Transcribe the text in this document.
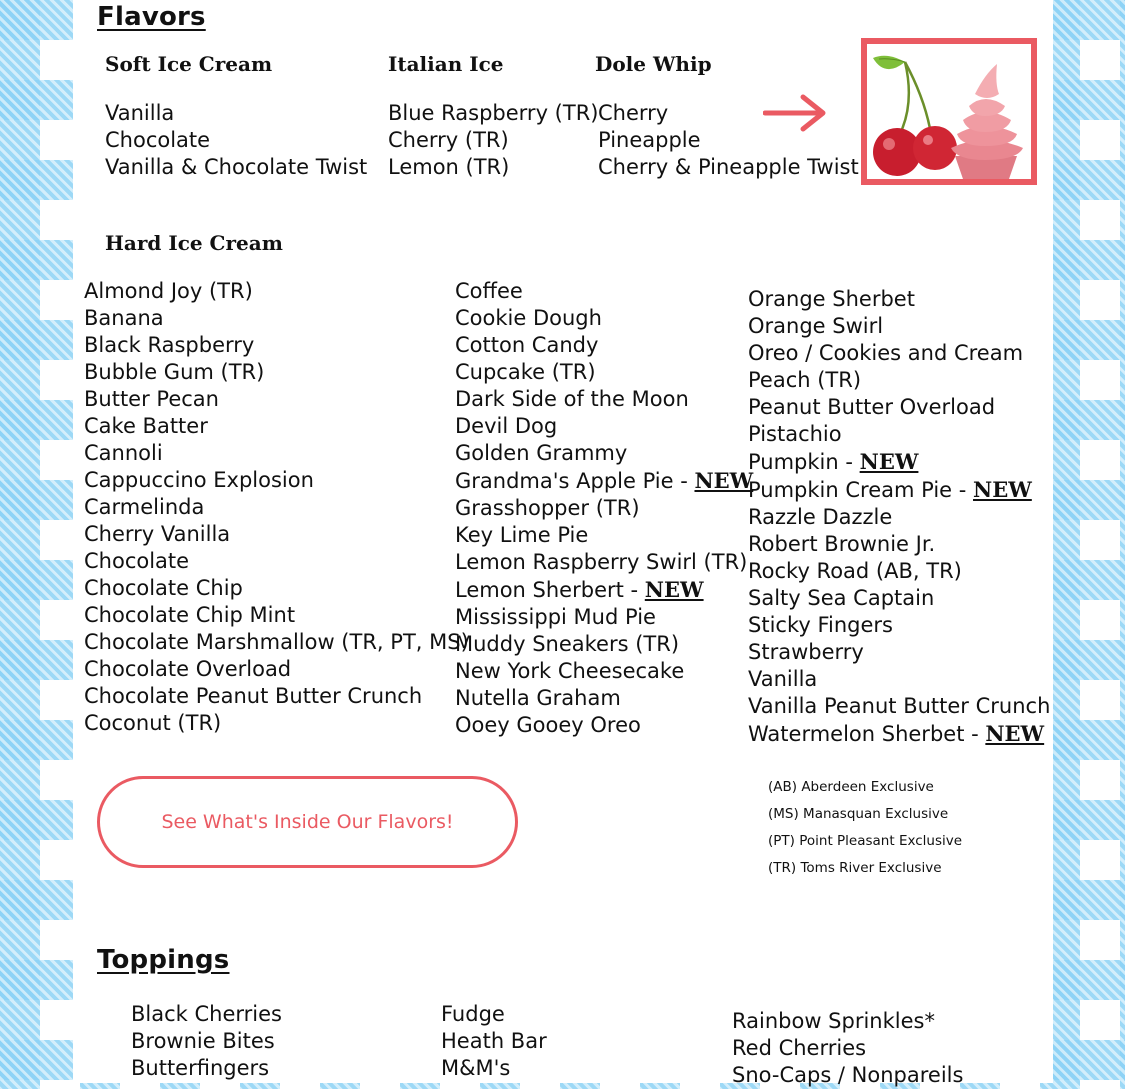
Flavors
Soft Ice Cream
Vanilla
Chocolate
Vanilla & Chocolate Twist
Italian Ice
Blue Raspberry (TR)
Cherry (TR)
Lemon (TR)
Dole Whip
Cherry
Pineapple
Cherry & Pineapple Twist
Hard Ice Cream
Almond Joy (TR)
Banana
Black Raspberry
Bubble Gum (TR)
Butter Pecan
Cake Batter
Cannoli
Cappuccino Explosion
Carmelinda
Cherry Vanilla
Chocolate
Chocolate Chip
Chocolate Chip Mint
Chocolate Marshmallow (TR, PT, MS)
Chocolate Overload
Chocolate Peanut Butter Crunch
Coconut (TR)
Coffee
Cookie Dough
Cotton Candy
Cupcake (TR)
Dark Side of the Moon
Devil Dog
Golden Grammy
Grandma's Apple Pie - NEW
Grasshopper (TR)
Key Lime Pie
Lemon Raspberry Swirl (TR)
Lemon Sherbert - NEW
Mississippi Mud Pie
Muddy Sneakers (TR)
New York Cheesecake
Nutella Graham
Ooey Gooey Oreo
Orange Sherbet
Orange Swirl
Oreo / Cookies and Cream
Peach (TR)
Peanut Butter Overload
Pistachio
Pumpkin - NEW
Pumpkin Cream Pie - NEW
Razzle Dazzle
Robert Brownie Jr.
Rocky Road (AB, TR)
Salty Sea Captain
Sticky Fingers
Strawberry
Vanilla
Vanilla Peanut Butter Crunch
Watermelon Sherbet - NEW
See What's Inside Our Flavors!
(AB) Aberdeen Exclusive
(MS) Manasquan Exclusive
(PT) Point Pleasant Exclusive
(TR) Toms River Exclusive
Toppings
Black Cherries
Brownie Bites
Butterfingers
Fudge
Heath Bar
M&M's
Rainbow Sprinkles*
Red Cherries
Sno-Caps / Nonpareils
